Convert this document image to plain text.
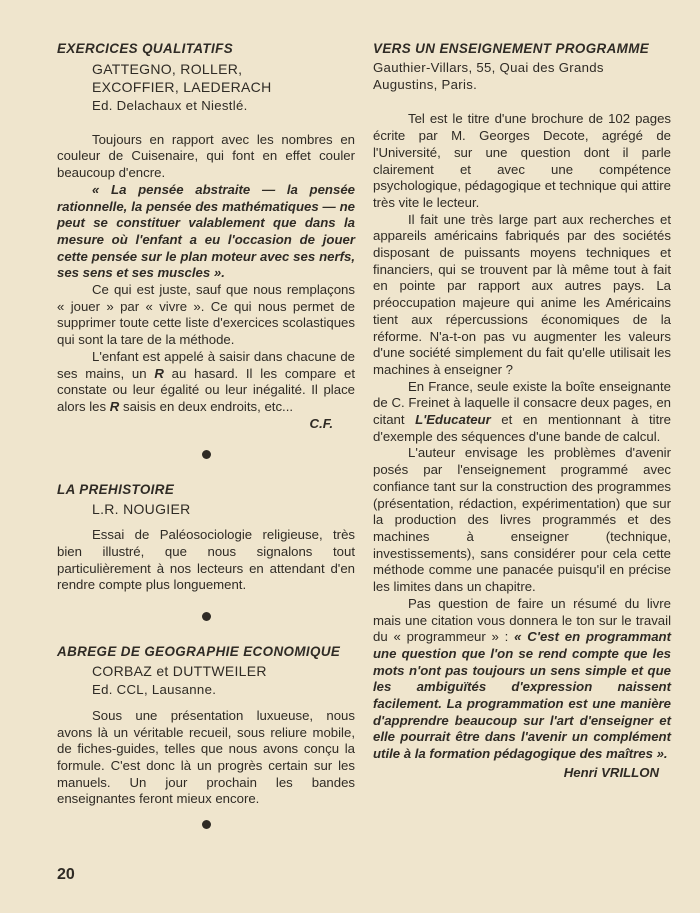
EXERCICES QUALITATIFS
GATTEGNO, ROLLER,
EXCOFFIER, LAEDERACH
Ed. Delachaux et Niestlé.

Toujours en rapport avec les nombres en couleur de Cuisenaire, qui font en effet couler beaucoup d'encre.

« La pensée abstraite — la pensée rationnelle, la pensée des mathématiques — ne peut se constituer valablement que dans la mesure où l'enfant a eu l'occasion de jouer cette pensée sur le plan moteur avec ses nerfs, ses sens et ses muscles ».

Ce qui est juste, sauf que nous remplaçons « jouer » par « vivre ». Ce qui nous permet de supprimer toute cette liste d'exercices scolastiques qui sont la tare de la méthode.

L'enfant est appelé à saisir dans chacune de ses mains, un R au hasard. Il les compare et constate ou leur égalité ou leur inégalité. Il place alors les R saisis en deux endroits, etc...

C.F.

LA PREHISTOIRE
L.R. NOUGIER

Essai de Paléosociologie religieuse, très bien illustré, que nous signalons tout particulièrement à nos lecteurs en attendant d'en rendre compte plus longuement.

ABREGE DE GEOGRAPHIE ECONOMIQUE
CORBAZ et DUTTWEILER
Ed. CCL, Lausanne.

Sous une présentation luxueuse, nous avons là un véritable recueil, sous reliure mobile, de fiches-guides, telles que nous avons conçu la formule. C'est donc là un progrès certain sur les manuels. Un jour prochain les bandes enseignantes feront mieux encore.

VERS UN ENSEIGNEMENT PROGRAMME
Gauthier-Villars, 55, Quai des Grands Augustins, Paris.

Tel est le titre d'une brochure de 102 pages écrite par M. Georges Decote, agrégé de l'Université, sur une question dont il parle clairement et avec une compétence psychologique, pédagogique et technique qui attire très vite le lecteur.

Il fait une très large part aux recherches et appareils américains fabriqués par des sociétés disposant de puissants moyens techniques et financiers, qui se trouvent par là même tout à fait en pointe par rapport aux autres pays. La préoccupation majeure qui anime les Américains tient aux répercussions économiques de la réforme. N'a-t-on pas vu augmenter les valeurs d'une société simplement du fait qu'elle utilisait les machines à enseigner ?

En France, seule existe la boîte enseignante de C. Freinet à laquelle il consacre deux pages, en citant L'Educateur et en mentionnant à titre d'exemple des séquences d'une bande de calcul.

L'auteur envisage les problèmes d'avenir posés par l'enseignement programmé avec confiance tant sur la construction des programmes (présentation, rédaction, expérimentation) que sur la production des livres programmés et des machines à enseigner (technique, investissements), sans considérer pour cela cette méthode comme une panacée puisqu'il en précise les limites dans un chapitre.

Pas question de faire un résumé du livre mais une citation vous donnera le ton sur le travail du « programmeur » : « C'est en programmant une question que l'on se rend compte que les mots n'ont pas toujours un sens simple et que les ambiguïtés d'expression naissent facilement. La programmation est une manière d'apprendre beaucoup sur l'art d'enseigner et elle pourrait être dans l'avenir un complément utile à la formation pédagogique des maîtres ».

Henri VRILLON

20
